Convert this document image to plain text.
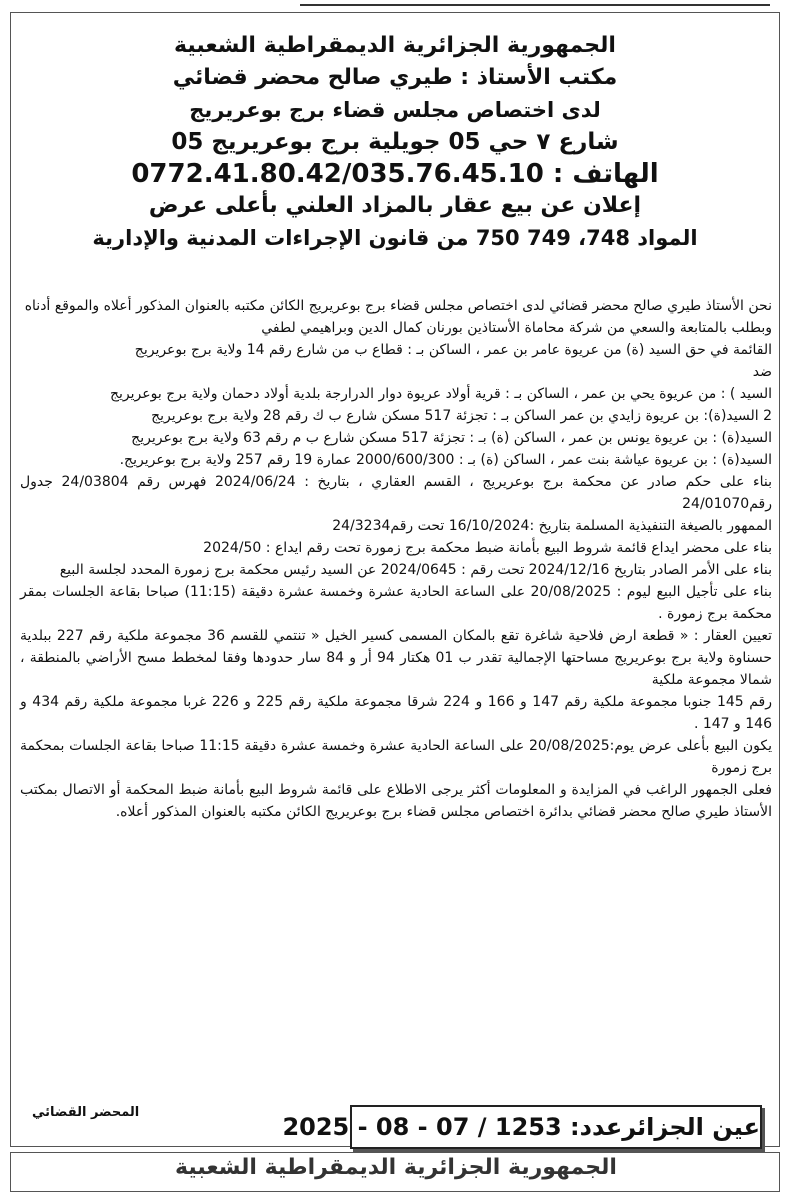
الجمهورية الجزائرية الديمقراطية الشعبية
مكتب الأستاذ : طيري صالح محضر قضائي
لدى اختصاص مجلس قضاء برج بوعريريج
05 شارع ٧ حي 05 جويلية برج بوعريريج
الهاتف : 0772.41.80.42/035.76.45.10
إعلان عن بيع عقار بالمزاد العلني بأعلى عرض
المواد 748، 749 750 من قانون الإجراءات المدنية والإدارية

نحن الأستاذ طيري صالح محضر قضائي لدى اختصاص مجلس قضاء برج بوعريريج الكائن مكتبه بالعنوان المذكور أعلاه والموقع أدناه

وبطلب بالمتابعة والسعي من شركة محاماة الأستاذين بورنان كمال الدين وبراهيمي لطفي

القائمة في حق السيد (ة) من عريوة عامر بن عمر ، الساكن بـ : قطاع ب من شارع رقم 14 ولاية برج بوعريريج

ضد

السيد ) : من عريوة يحي بن عمر ، الساكن بـ : قرية أولاد عريوة دوار الدرارجة بلدية أولاد دحمان ولاية برج بوعريريج

2 السيد(ة): بن عريوة زايدي بن عمر الساكن بـ : تجزئة 517 مسكن شارع ب ك رقم 28 ولاية برج بوعريريج

السيد(ة) : بن عريوة يونس بن عمر ، الساكن (ة) بـ : تجزئة 517 مسكن شارع ب م رقم 63 ولاية برج بوعريريج

السيد(ة) : بن عريوة عياشة بنت عمر ، الساكن (ة) بـ : 2000/600/300 عمارة 19 رقم 257 ولاية برج بوعريريج.

بناء على حكم صادر عن محكمة برج بوعريريج ، القسم العقاري ، بتاريخ : 2024/06/24 فهرس رقم 24/03804 جدول رقم24/01070

الممهور بالصيغة التنفيذية المسلمة بتاريخ :16/10/2024 تحت رقم24/3234

بناء على محضر ايداع قائمة شروط البيع بأمانة ضبط محكمة برج زمورة تحت رقم ايداع : 2024/50

بناء على الأمر الصادر بتاريخ 2024/12/16 تحت رقم : 2024/0645 عن السيد رئيس محكمة برج زمورة المحدد لجلسة البيع

بناء على تأجيل البيع ليوم : 20/08/2025 على الساعة الحادية عشرة وخمسة عشرة دقيقة (11:15) صباحا بقاعة الجلسات بمقر محكمة برج زمورة .

تعيين العقار : « قطعة ارض فلاحية شاغرة تقع بالمكان المسمى كسير الخيل « تنتمي للقسم 36 مجموعة ملكية رقم 227 ببلدية حسناوة ولاية برج بوعريريج مساحتها الإجمالية تقدر ب 01 هكتار 94 أر و 84 سار حدودها وفقا لمخطط مسح الأراضي بالمنطقة ، شمالا مجموعة ملكية

رقم 145 جنوبا مجموعة ملكية رقم 147 و 166 و 224 شرقا مجموعة ملكية رقم 225 و 226 غربا مجموعة ملكية رقم 434 و 146 و 147 .

يكون البيع بأعلى عرض يوم:20/08/2025 على الساعة الحادية عشرة وخمسة عشرة دقيقة 11:15 صباحا بقاعة الجلسات بمحكمة برج زمورة

فعلى الجمهور الراغب في المزايدة و المعلومات أكثر يرجى الاطلاع على قائمة شروط البيع بأمانة ضبط المحكمة أو الاتصال بمكتب الأستاذ طيري صالح محضر قضائي بدائرة اختصاص مجلس قضاء برج بوعريريج الكائن مكتبه بالعنوان المذكور أعلاه.

المحضر القضائي
عين الجزائرعدد: 1253 / 07 - 08 - 2025
الجمهورية الجزائرية الديمقراطية الشعبية
